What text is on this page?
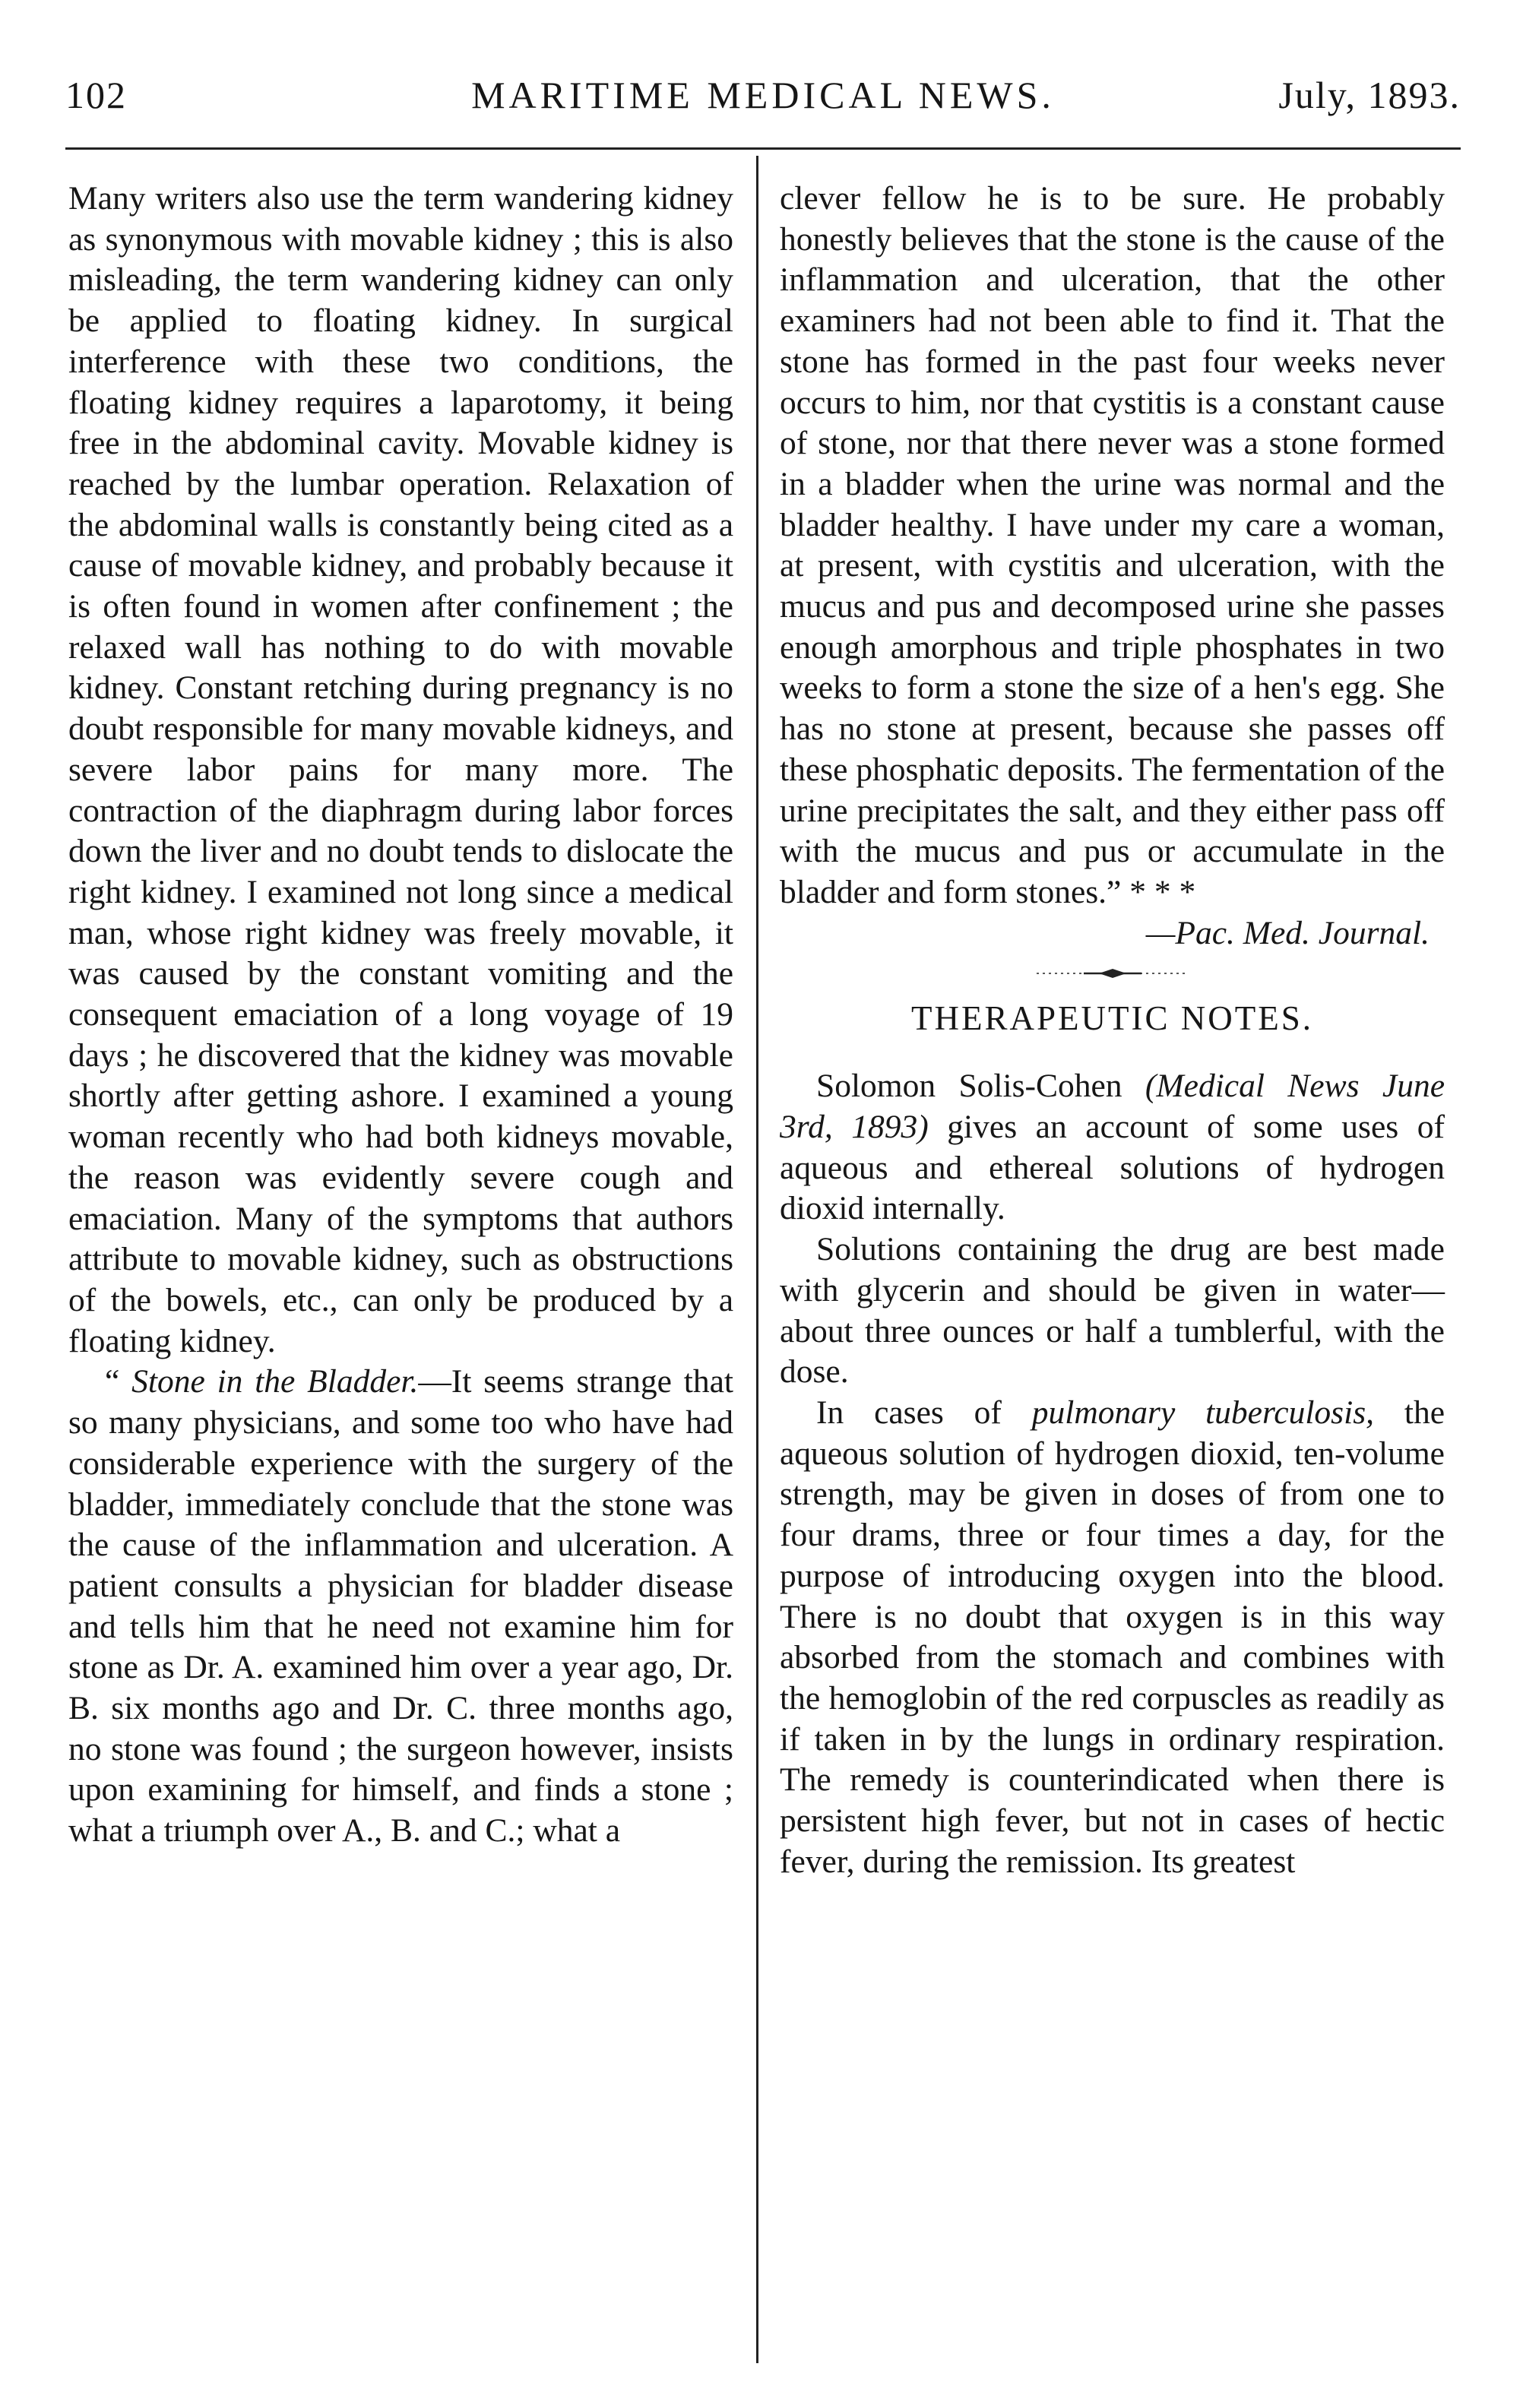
102	MARITIME MEDICAL NEWS.	July, 1893.

Many writers also use the term wandering kidney as synonymous with movable kidney ; this is also misleading, the term wandering kidney can only be applied to floating kidney. In surgical interference with these two conditions, the floating kidney requires a laparotomy, it being free in the abdominal cavity. Movable kidney is reached by the lumbar operation. Relaxation of the abdominal walls is constantly being cited as a cause of movable kidney, and probably because it is often found in women after confinement ; the relaxed wall has nothing to do with movable kidney. Constant retching during pregnancy is no doubt responsible for many movable kidneys, and severe labor pains for many more. The contraction of the diaphragm during labor forces down the liver and no doubt tends to dislocate the right kidney. I examined not long since a medical man, whose right kidney was freely movable, it was caused by the constant vomiting and the consequent emaciation of a long voyage of 19 days ; he discovered that the kidney was movable shortly after getting ashore. I examined a young woman recently who had both kidneys movable, the reason was evidently severe cough and emaciation. Many of the symptoms that authors attribute to movable kidney, such as obstructions of the bowels, etc., can only be produced by a floating kidney.

“ Stone in the Bladder.—It seems strange that so many physicians, and some too who have had considerable experience with the surgery of the bladder, immediately conclude that the stone was the cause of the inflammation and ulceration. A patient consults a physician for bladder disease and tells him that he need not examine him for stone as Dr. A. examined him over a year ago, Dr. B. six months ago and Dr. C. three months ago, no stone was found ; the surgeon however, insists upon examining for himself, and finds a stone ; what a triumph over A., B. and C.; what a

clever fellow he is to be sure. He probably honestly believes that the stone is the cause of the inflammation and ulceration, that the other examiners had not been able to find it. That the stone has formed in the past four weeks never occurs to him, nor that cystitis is a constant cause of stone, nor that there never was a stone formed in a bladder when the urine was normal and the bladder healthy. I have under my care a woman, at present, with cystitis and ulceration, with the mucus and pus and decomposed urine she passes enough amorphous and triple phosphates in two weeks to form a stone the size of a hen's egg. She has no stone at present, because she passes off these phosphatic deposits. The fermentation of the urine precipitates the salt, and they either pass off with the mucus and pus or accumulate in the bladder and form stones.” * * *

—Pac. Med. Journal.

THERAPEUTIC NOTES.

Solomon Solis-Cohen (Medical News June 3rd, 1893) gives an account of some uses of aqueous and ethereal solutions of hydrogen dioxid internally.

Solutions containing the drug are best made with glycerin and should be given in water—about three ounces or half a tumblerful, with the dose.

In cases of pulmonary tuberculosis, the aqueous solution of hydrogen dioxid, ten-volume strength, may be given in doses of from one to four drams, three or four times a day, for the purpose of introducing oxygen into the blood. There is no doubt that oxygen is in this way absorbed from the stomach and combines with the hemoglobin of the red corpuscles as readily as if taken in by the lungs in ordinary respiration. The remedy is counterindicated when there is persistent high fever, but not in cases of hectic fever, during the remission. Its greatest
